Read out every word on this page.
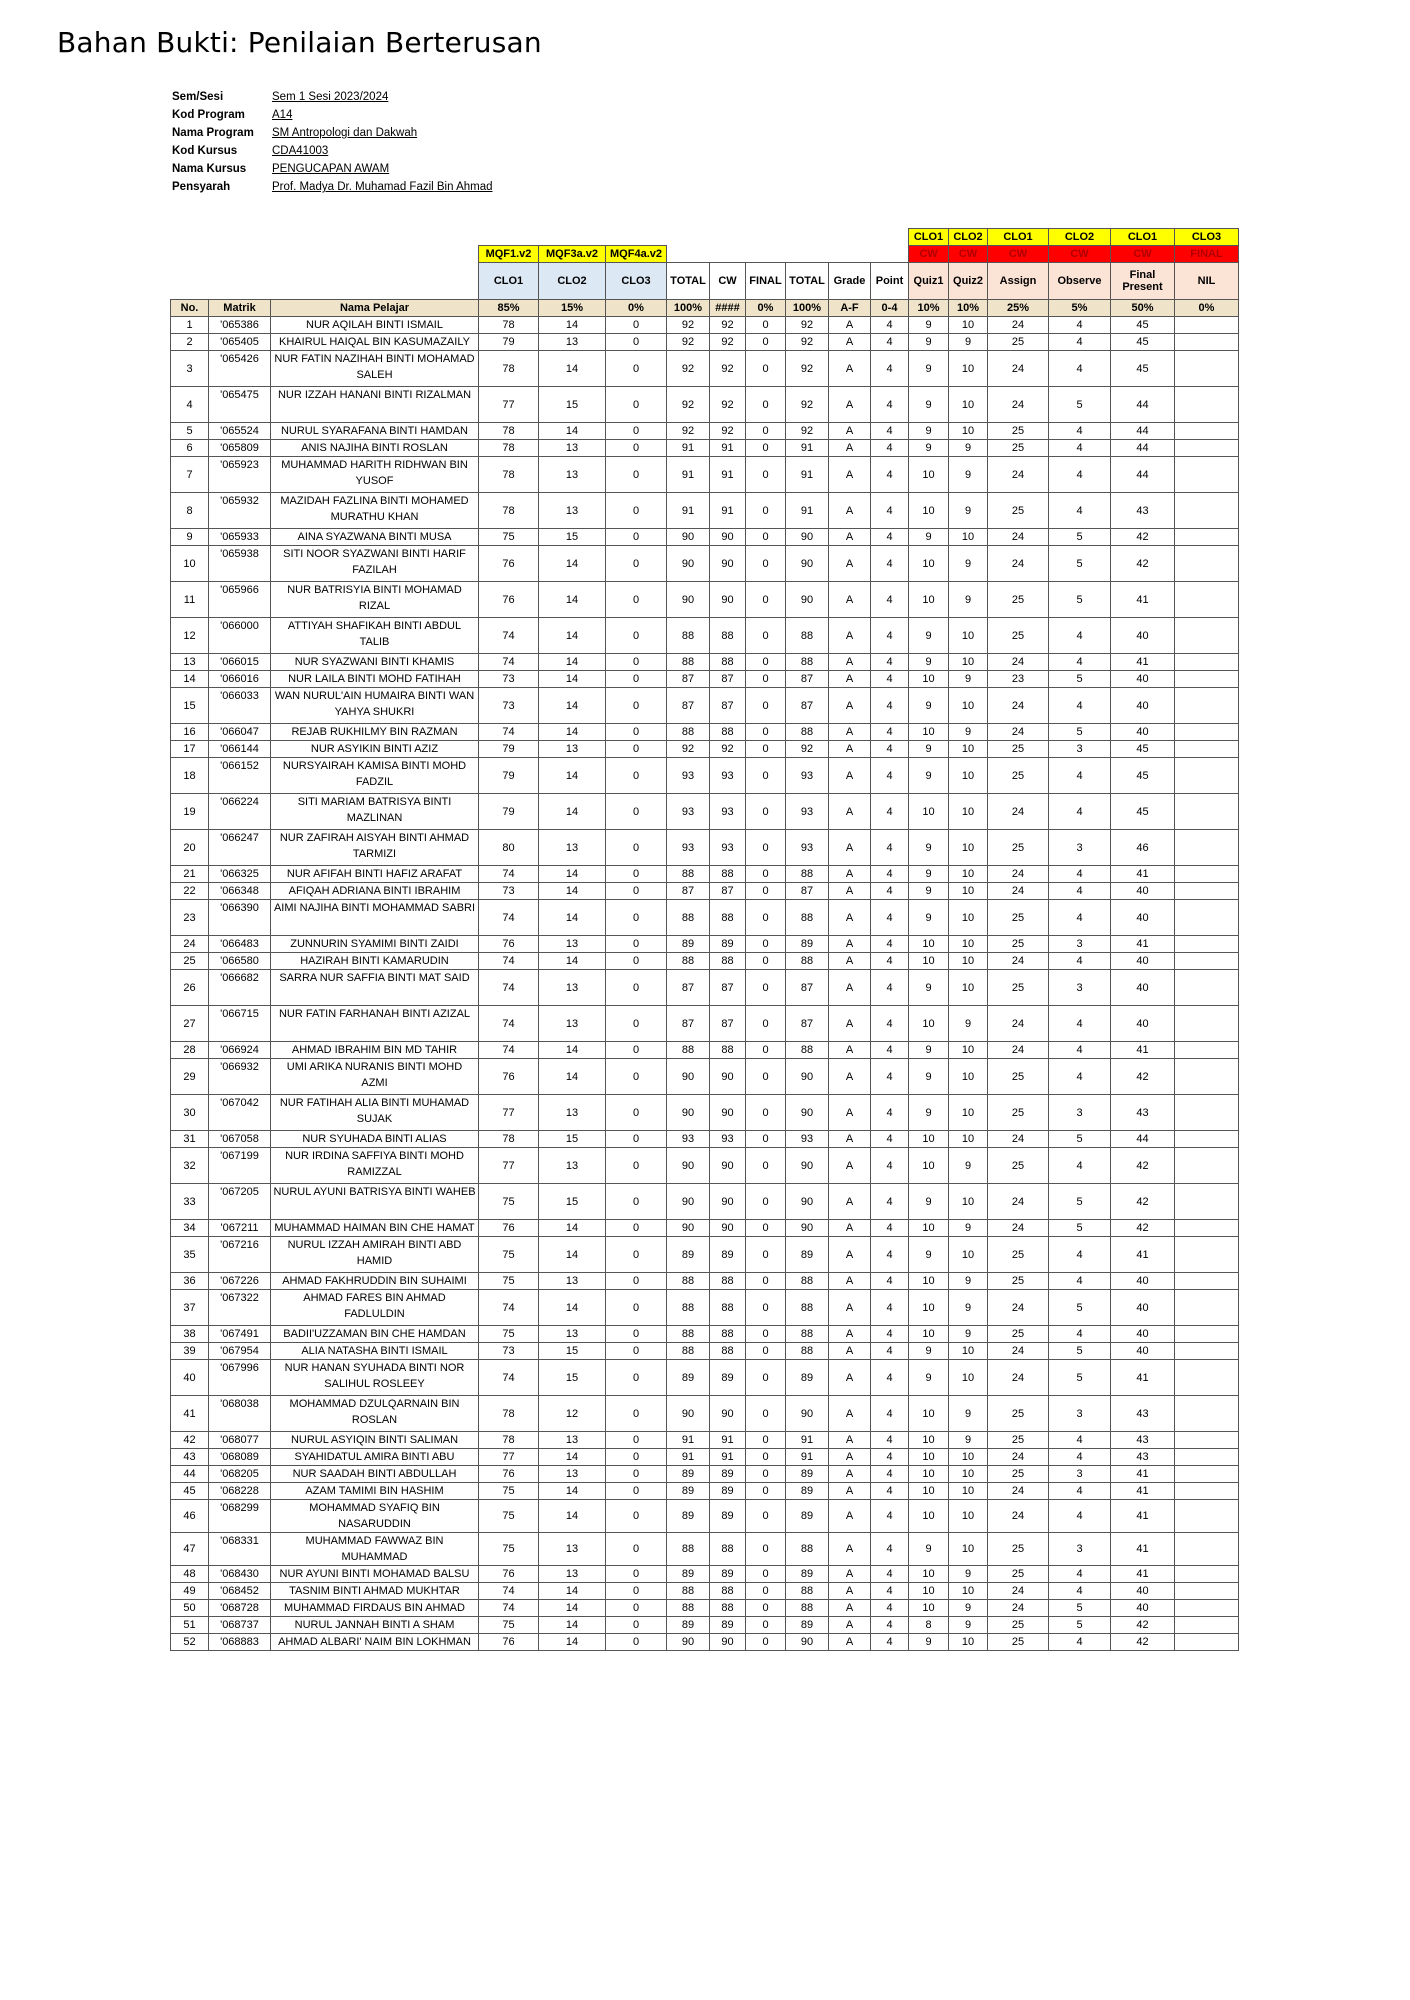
Bahan Bukti: Penilaian Berterusan
Sem/Sesi	Sem 1 Sesi 2023/2024
Kod Program	A14
Nama Program	SM Antropologi dan Dakwah
Kod Kursus	CDA41003
Nama Kursus	PENGUCAPAN AWAM
Pensyarah	Prof. Madya Dr. Muhamad Fazil Bin Ahmad
												CLO1	CLO2	CLO1	CLO2	CLO1	CLO3
			MQF1.v2	MQF3a.v2	MQF4a.v2							CW	CW	CW	CW	CW	FINAL
			CLO1	CLO2	CLO3	TOTAL	CW	FINAL	TOTAL	Grade	Point	Quiz1	Quiz2	Assign	Observe	Final Present	NIL
No.	Matrik	Nama Pelajar	85%	15%	0%	100%	####	0%	100%	A-F	0-4	10%	10%	25%	5%	50%	0%
1	'065386	NUR AQILAH BINTI ISMAIL	78	14	0	92	92	0	92	A	4	9	10	24	4	45	
2	'065405	KHAIRUL HAIQAL BIN KASUMAZAILY	79	13	0	92	92	0	92	A	4	9	9	25	4	45	
3	'065426	NUR FATIN NAZIHAH BINTI MOHAMAD SALEH	78	14	0	92	92	0	92	A	4	9	10	24	4	45	
4	'065475	NUR IZZAH HANANI BINTI RIZALMAN	77	15	0	92	92	0	92	A	4	9	10	24	5	44	
5	'065524	NURUL SYARAFANA BINTI HAMDAN	78	14	0	92	92	0	92	A	4	9	10	25	4	44	
6	'065809	ANIS NAJIHA BINTI ROSLAN	78	13	0	91	91	0	91	A	4	9	9	25	4	44	
7	'065923	MUHAMMAD HARITH RIDHWAN BIN YUSOF	78	13	0	91	91	0	91	A	4	10	9	24	4	44	
8	'065932	MAZIDAH FAZLINA BINTI MOHAMED MURATHU KHAN	78	13	0	91	91	0	91	A	4	10	9	25	4	43	
9	'065933	AINA SYAZWANA BINTI MUSA	75	15	0	90	90	0	90	A	4	9	10	24	5	42	
10	'065938	SITI NOOR SYAZWANI BINTI HARIF FAZILAH	76	14	0	90	90	0	90	A	4	10	9	24	5	42	
11	'065966	NUR BATRISYIA BINTI MOHAMAD RIZAL	76	14	0	90	90	0	90	A	4	10	9	25	5	41	
12	'066000	ATTIYAH SHAFIKAH BINTI ABDUL TALIB	74	14	0	88	88	0	88	A	4	9	10	25	4	40	
13	'066015	NUR SYAZWANI BINTI KHAMIS	74	14	0	88	88	0	88	A	4	9	10	24	4	41	
14	'066016	NUR LAILA BINTI MOHD FATIHAH	73	14	0	87	87	0	87	A	4	10	9	23	5	40	
15	'066033	WAN NURUL'AIN HUMAIRA BINTI WAN YAHYA SHUKRI	73	14	0	87	87	0	87	A	4	9	10	24	4	40	
16	'066047	REJAB RUKHILMY BIN RAZMAN	74	14	0	88	88	0	88	A	4	10	9	24	5	40	
17	'066144	NUR ASYIKIN BINTI AZIZ	79	13	0	92	92	0	92	A	4	9	10	25	3	45	
18	'066152	NURSYAIRAH KAMISA BINTI MOHD FADZIL	79	14	0	93	93	0	93	A	4	9	10	25	4	45	
19	'066224	SITI MARIAM BATRISYA BINTI MAZLINAN	79	14	0	93	93	0	93	A	4	10	10	24	4	45	
20	'066247	NUR ZAFIRAH AISYAH BINTI AHMAD TARMIZI	80	13	0	93	93	0	93	A	4	9	10	25	3	46	
21	'066325	NUR AFIFAH BINTI HAFIZ ARAFAT	74	14	0	88	88	0	88	A	4	9	10	24	4	41	
22	'066348	AFIQAH ADRIANA BINTI IBRAHIM	73	14	0	87	87	0	87	A	4	9	10	24	4	40	
23	'066390	AIMI NAJIHA BINTI MOHAMMAD SABRI	74	14	0	88	88	0	88	A	4	9	10	25	4	40	
24	'066483	ZUNNURIN SYAMIMI BINTI ZAIDI	76	13	0	89	89	0	89	A	4	10	10	25	3	41	
25	'066580	HAZIRAH BINTI KAMARUDIN	74	14	0	88	88	0	88	A	4	10	10	24	4	40	
26	'066682	SARRA NUR SAFFIA BINTI MAT SAID	74	13	0	87	87	0	87	A	4	9	10	25	3	40	
27	'066715	NUR FATIN FARHANAH BINTI AZIZAL	74	13	0	87	87	0	87	A	4	10	9	24	4	40	
28	'066924	AHMAD IBRAHIM BIN MD TAHIR	74	14	0	88	88	0	88	A	4	9	10	24	4	41	
29	'066932	UMI ARIKA NURANIS BINTI MOHD AZMI	76	14	0	90	90	0	90	A	4	9	10	25	4	42	
30	'067042	NUR FATIHAH ALIA BINTI MUHAMAD SUJAK	77	13	0	90	90	0	90	A	4	9	10	25	3	43	
31	'067058	NUR SYUHADA BINTI ALIAS	78	15	0	93	93	0	93	A	4	10	10	24	5	44	
32	'067199	NUR IRDINA SAFFIYA BINTI MOHD RAMIZZAL	77	13	0	90	90	0	90	A	4	10	9	25	4	42	
33	'067205	NURUL AYUNI BATRISYA BINTI WAHEB	75	15	0	90	90	0	90	A	4	9	10	24	5	42	
34	'067211	MUHAMMAD HAIMAN BIN CHE HAMAT	76	14	0	90	90	0	90	A	4	10	9	24	5	42	
35	'067216	NURUL IZZAH AMIRAH BINTI ABD HAMID	75	14	0	89	89	0	89	A	4	9	10	25	4	41	
36	'067226	AHMAD FAKHRUDDIN BIN SUHAIMI	75	13	0	88	88	0	88	A	4	10	9	25	4	40	
37	'067322	AHMAD FARES BIN AHMAD FADLULDIN	74	14	0	88	88	0	88	A	4	10	9	24	5	40	
38	'067491	BADII'UZZAMAN BIN CHE HAMDAN	75	13	0	88	88	0	88	A	4	10	9	25	4	40	
39	'067954	ALIA NATASHA BINTI ISMAIL	73	15	0	88	88	0	88	A	4	9	10	24	5	40	
40	'067996	NUR HANAN SYUHADA BINTI NOR SALIHUL ROSLEEY	74	15	0	89	89	0	89	A	4	9	10	24	5	41	
41	'068038	MOHAMMAD DZULQARNAIN BIN ROSLAN	78	12	0	90	90	0	90	A	4	10	9	25	3	43	
42	'068077	NURUL ASYIQIN BINTI SALIMAN	78	13	0	91	91	0	91	A	4	10	9	25	4	43	
43	'068089	SYAHIDATUL AMIRA BINTI ABU	77	14	0	91	91	0	91	A	4	10	10	24	4	43	
44	'068205	NUR SAADAH BINTI ABDULLAH	76	13	0	89	89	0	89	A	4	10	10	25	3	41	
45	'068228	AZAM TAMIMI BIN HASHIM	75	14	0	89	89	0	89	A	4	10	10	24	4	41	
46	'068299	MOHAMMAD SYAFIQ BIN NASARUDDIN	75	14	0	89	89	0	89	A	4	10	10	24	4	41	
47	'068331	MUHAMMAD FAWWAZ BIN MUHAMMAD	75	13	0	88	88	0	88	A	4	9	10	25	3	41	
48	'068430	NUR AYUNI BINTI MOHAMAD BALSU	76	13	0	89	89	0	89	A	4	10	9	25	4	41	
49	'068452	TASNIM BINTI AHMAD MUKHTAR	74	14	0	88	88	0	88	A	4	10	10	24	4	40	
50	'068728	MUHAMMAD FIRDAUS BIN AHMAD	74	14	0	88	88	0	88	A	4	10	9	24	5	40	
51	'068737	NURUL JANNAH BINTI A SHAM	75	14	0	89	89	0	89	A	4	8	9	25	5	42	
52	'068883	AHMAD ALBARI' NAIM BIN LOKHMAN	76	14	0	90	90	0	90	A	4	9	10	25	4	42	
